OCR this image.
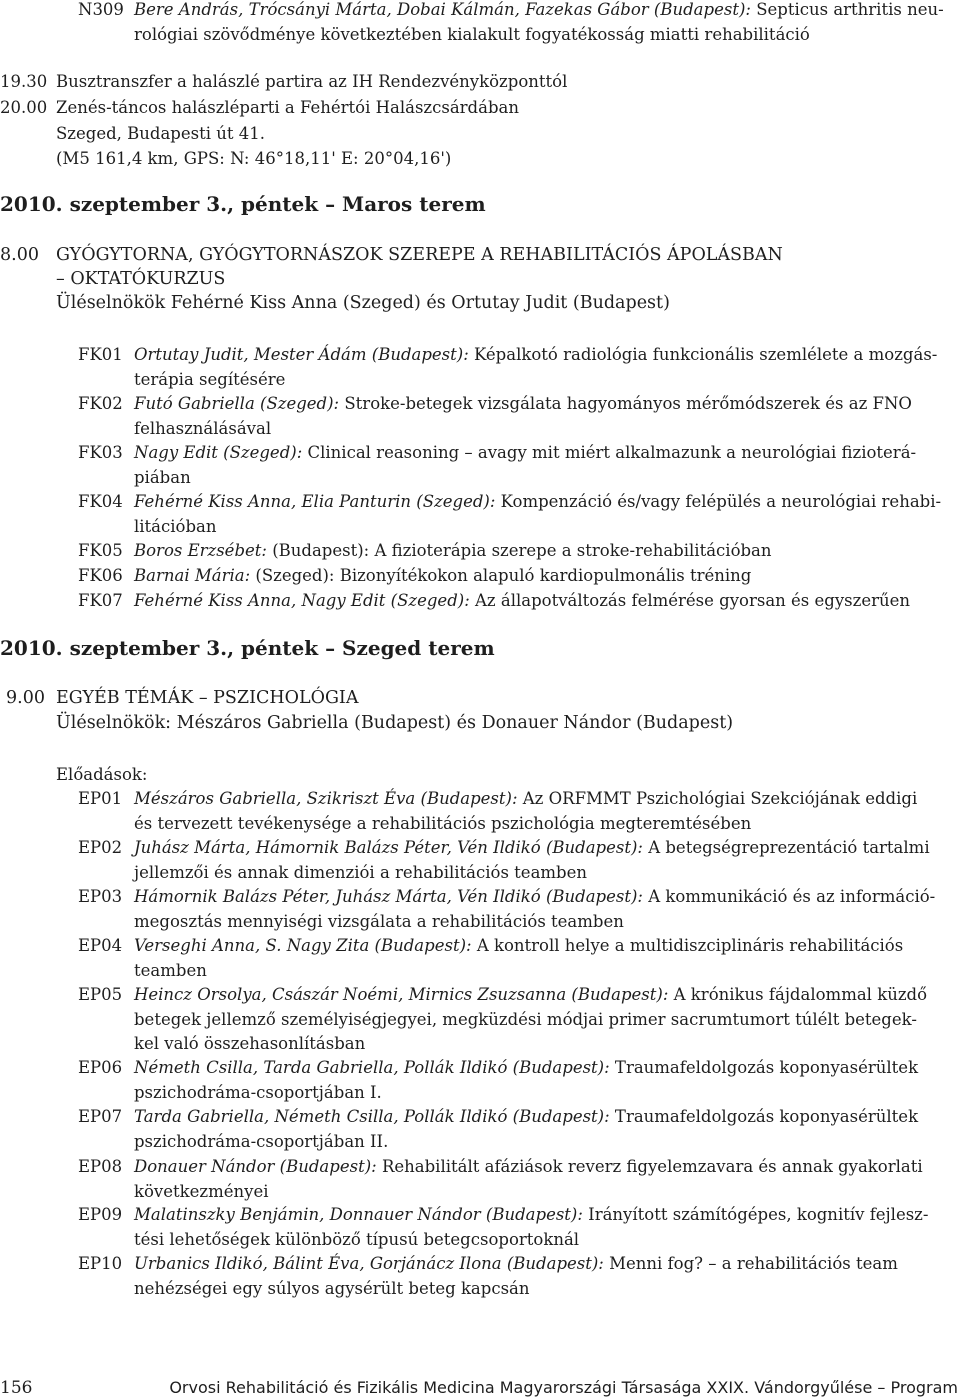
N309 Bere András, Trócsányi Márta, Dobai Kálmán, Fazekas Gábor (Budapest): Septicus arthritis neu-
rológiai szövődménye következtében kialakult fogyatékosság miatti rehabilitáció
19.30 Busztranszfer a halászlé partira az IH Rendezvényközponttól
20.00 Zenés-táncos halászléparti a Fehértói Halászcsárdában
Szeged, Budapesti út 41.
(M5 161,4 km, GPS: N: 46°18,11' E: 20°04,16')
2010. szeptember 3., péntek – Maros terem
8.00 GYÓGYTORNA, GYÓGYTORNÁSZOK SZEREPE A REHABILITÁCIÓS ÁPOLÁSBAN
– OKTATÓKURZUS
Üléselnökök Fehérné Kiss Anna (Szeged) és Ortutay Judit (Budapest)
FK01 Ortutay Judit, Mester Ádám (Budapest): Képalkotó radiológia funkcionális szemlélete a mozgás-
terápia segítésére
FK02 Futó Gabriella (Szeged): Stroke-betegek vizsgálata hagyományos mérőmódszerek és az FNO
felhasználásával
FK03 Nagy Edit (Szeged): Clinical reasoning – avagy mit miért alkalmazunk a neurológiai fizioterá-
piában
FK04 Fehérné Kiss Anna, Elia Panturin (Szeged): Kompenzáció és/vagy felépülés a neurológiai rehabi-
litációban
FK05 Boros Erzsébet: (Budapest): A fizioterápia szerepe a stroke-rehabilitációban
FK06 Barnai Mária: (Szeged): Bizonyítékokon alapuló kardiopulmonális tréning
FK07 Fehérné Kiss Anna, Nagy Edit (Szeged): Az állapotváltozás felmérése gyorsan és egyszerűen
2010. szeptember 3., péntek – Szeged terem
9.00 EGYÉB TÉMÁK – PSZICHOLÓGIA
Üléselnökök: Mészáros Gabriella (Budapest) és Donauer Nándor (Budapest)
Előadások:
EP01 Mészáros Gabriella, Szikriszt Éva (Budapest): Az ORFMMT Pszichológiai Szekciójának eddigi
és tervezett tevékenysége a rehabilitációs pszichológia megteremtésében
EP02 Juhász Márta, Hámornik Balázs Péter, Vén Ildikó (Budapest): A betegségreprezentáció tartalmi
jellemzői és annak dimenziói a rehabilitációs teamben
EP03 Hámornik Balázs Péter, Juhász Márta, Vén Ildikó (Budapest): A kommunikáció és az információ-
megosztás mennyiségi vizsgálata a rehabilitációs teamben
EP04 Verseghi Anna, S. Nagy Zita (Budapest): A kontroll helye a multidiszciplináris rehabilitációs
teamben
EP05 Heincz Orsolya, Császár Noémi, Mirnics Zsuzsanna (Budapest): A krónikus fájdalommal küzdő
betegek jellemző személyiségjegyei, megküzdési módjai primer sacrumtumort túlélt betegek-
kel való összehasonlításban
EP06 Németh Csilla, Tarda Gabriella, Pollák Ildikó (Budapest): Traumafeldolgozás koponyasérültek
pszichodráma-csoportjában I.
EP07 Tarda Gabriella, Németh Csilla, Pollák Ildikó (Budapest): Traumafeldolgozás koponyasérültek
pszichodráma-csoportjában II.
EP08 Donauer Nándor (Budapest): Rehabilitált afáziások reverz figyelemzavara és annak gyakorlati
következményei
EP09 Malatinszky Benjámin, Donnauer Nándor (Budapest): Irányított számítógépes, kognitív fejlesz-
tési lehetőségek különböző típusú betegcsoportoknál
EP10 Urbanics Ildikó, Bálint Éva, Gorjánácz Ilona (Budapest): Menni fog? – a rehabilitációs team
nehézségei egy súlyos agysérült beteg kapcsán
156	Orvosi Rehabilitáció és Fizikális Medicina Magyarországi Társasága XXIX. Vándorgyűlése – Program
